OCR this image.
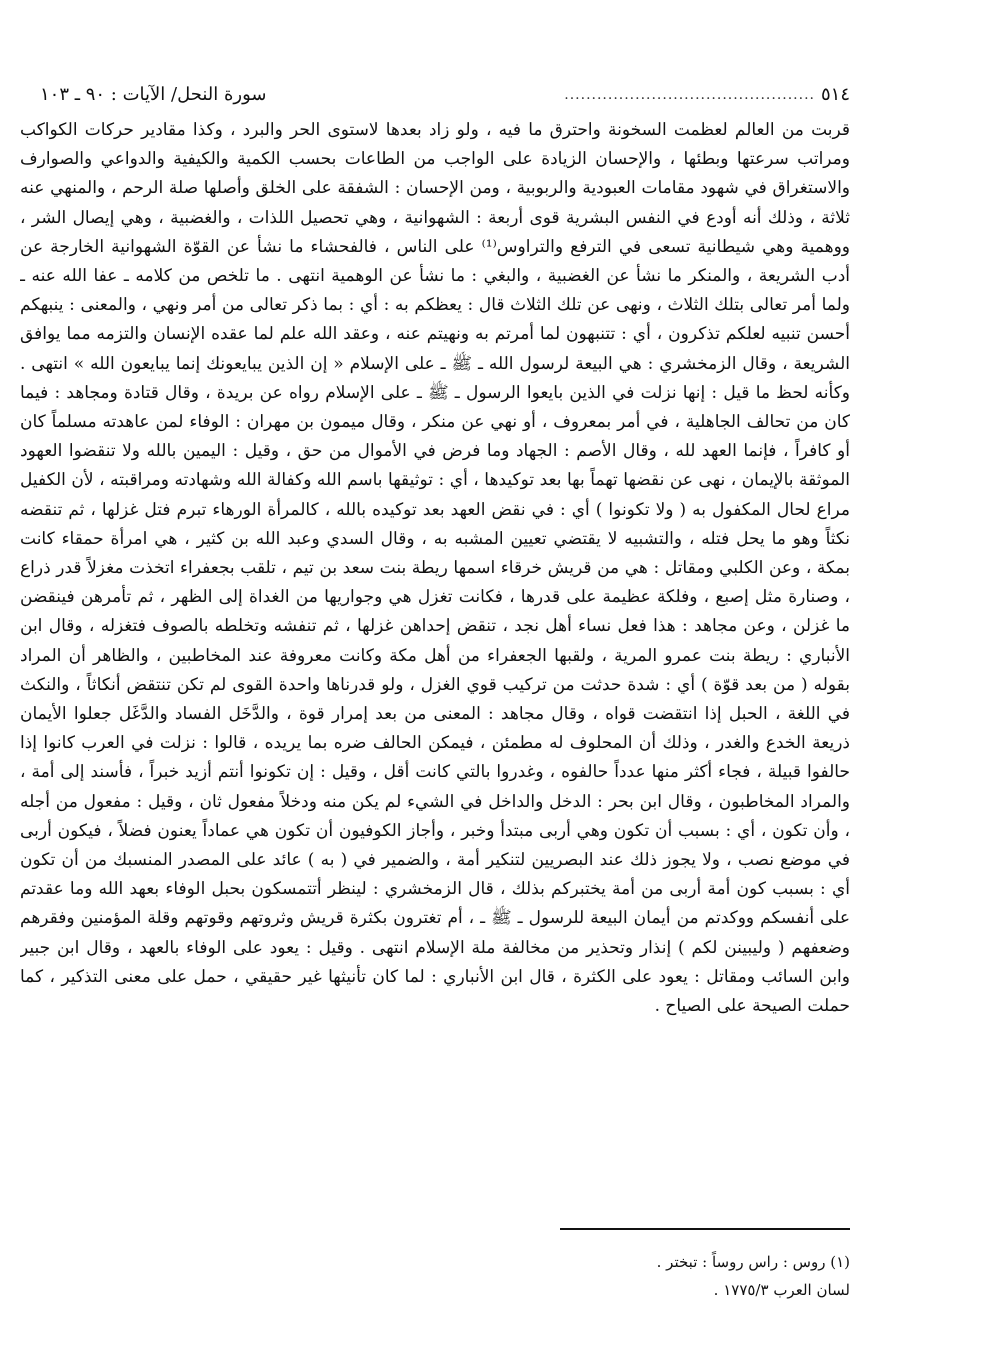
٥١٤
..............................................
سورة النحل/ الآيات : ٩٠ ـ ١٠٣

قربت من العالم لعظمت السخونة واحترق ما فيه ، ولو زاد بعدها لاستوى الحر والبرد ، وكذا مقادير حركات الكواكب ومراتب سرعتها وبطئها ، والإحسان الزيادة على الواجب من الطاعات بحسب الكمية والكيفية والدواعي والصوارف والاستغراق في شهود مقامات العبودية والربوبية ، ومن الإحسان : الشفقة على الخلق وأصلها صلة الرحم ، والمنهي عنه ثلاثة ، وذلك أنه أودع في النفس البشرية قوى أربعة : الشهوانية ، وهي تحصيل اللذات ، والغضبية ، وهي إيصال الشر ، ووهمية وهي شيطانية تسعى في الترفع والتراوس⁽¹⁾ على الناس ، فالفحشاء ما نشأ عن القوّة الشهوانية الخارجة عن أدب الشريعة ، والمنكر ما نشأ عن الغضبية ، والبغي : ما نشأ عن الوهمية انتهى . ما تلخص من كلامه ـ عفا الله عنه ـ ولما أمر تعالى بتلك الثلاث ، ونهى عن تلك الثلاث قال : يعظكم به : أي : بما ذكر تعالى من أمر ونهي ، والمعنى : ينبهكم أحسن تنبيه لعلكم تذكرون ، أي : تتنبهون لما أمرتم به ونهيتم عنه ، وعقد الله علم لما عقده الإنسان والتزمه مما يوافق الشريعة ، وقال الزمخشري : هي البيعة لرسول الله ـ ﷺ ـ على الإسلام « إن الذين يبايعونك إنما يبايعون الله » انتهى . وكأنه لحظ ما قيل : إنها نزلت في الذين بايعوا الرسول ـ ﷺ ـ على الإسلام رواه عن بريدة ، وقال قتادة ومجاهد : فيما كان من تحالف الجاهلية ، في أمر بمعروف ، أو نهي عن منكر ، وقال ميمون بن مهران : الوفاء لمن عاهدته مسلماً كان أو كافراً ، فإنما العهد لله ، وقال الأصم : الجهاد وما فرض في الأموال من حق ، وقيل : اليمين بالله ولا تنقضوا العهود الموثقة بالإيمان ، نهى عن نقضها تهماً بها بعد توكيدها ، أي : توثيقها باسم الله وكفالة الله وشهادته ومراقبته ، لأن الكفيل مراع لحال المكفول به ( ولا تكونوا ) أي : في نقض العهد بعد توكيده بالله ، كالمرأة الورهاء تبرم فتل غزلها ، ثم تنقضه نكثاً وهو ما يحل فتله ، والتشبيه لا يقتضي تعيين المشبه به ، وقال السدي وعبد الله بن كثير ، هي امرأة حمقاء كانت بمكة ، وعن الكلبي ومقاتل : هي من قريش خرقاء اسمها ريطة بنت سعد بن تيم ، تلقب بجعفراء اتخذت مغزلاً قدر ذراع ، وصنارة مثل إصبع ، وفلكة عظيمة على قدرها ، فكانت تغزل هي وجواريها من الغداة إلى الظهر ، ثم تأمرهن فينقضن ما غزلن ، وعن مجاهد : هذا فعل نساء أهل نجد ، تنقض إحداهن غزلها ، ثم تنفشه وتخلطه بالصوف فتغزله ، وقال ابن الأنباري : ريطة بنت عمرو المرية ، ولقبها الجعفراء من أهل مكة وكانت معروفة عند المخاطبين ، والظاهر أن المراد بقوله ( من بعد قوّة ) أي : شدة حدثت من تركيب قوي الغزل ، ولو قدرناها واحدة القوى لم تكن تنتقض أنكاثاً ، والنكث في اللغة ، الحبل إذا انتقضت قواه ، وقال مجاهد : المعنى من بعد إمرار قوة ، والدَّخَل الفساد والدَّغَل جعلوا الأيمان ذريعة الخدع والغدر ، وذلك أن المحلوف له مطمئن ، فيمكن الحالف ضره بما يريده ، قالوا : نزلت في العرب كانوا إذا حالفوا قبيلة ، فجاء أكثر منها عدداً حالفوه ، وغدروا بالتي كانت أقل ، وقيل : إن تكونوا أنتم أزيد خبراً ، فأسند إلى أمة ، والمراد المخاطبون ، وقال ابن بحر : الدخل والداخل في الشيء لم يكن منه ودخلاً مفعول ثان ، وقيل : مفعول من أجله ، وأن تكون ، أي : بسبب أن تكون وهي أربى مبتدأ وخبر ، وأجاز الكوفيون أن تكون هي عماداً يعنون فضلاً ، فيكون أربى في موضع نصب ، ولا يجوز ذلك عند البصريين لتنكير أمة ، والضمير في ( به ) عائد على المصدر المنسبك من أن تكون أي : بسبب كون أمة أربى من أمة يختبركم بذلك ، قال الزمخشري : لينظر أتتمسكون بحبل الوفاء بعهد الله وما عقدتم على أنفسكم ووكدتم من أيمان البيعة للرسول ـ ﷺ ـ ، أم تغترون بكثرة قريش وثروتهم وقوتهم وقلة المؤمنين وفقرهم وضعفهم ( وليبينن لكم ) إنذار وتحذير من مخالفة ملة الإسلام انتهى . وقيل : يعود على الوفاء بالعهد ، وقال ابن جبير وابن السائب ومقاتل : يعود على الكثرة ، قال ابن الأنباري : لما كان تأنيثها غير حقيقي ، حمل على معنى التذكير ، كما حملت الصيحة على الصياح .

(١) روس : راس روساً : تبختر .
لسان العرب ١٧٧٥/٣ .
